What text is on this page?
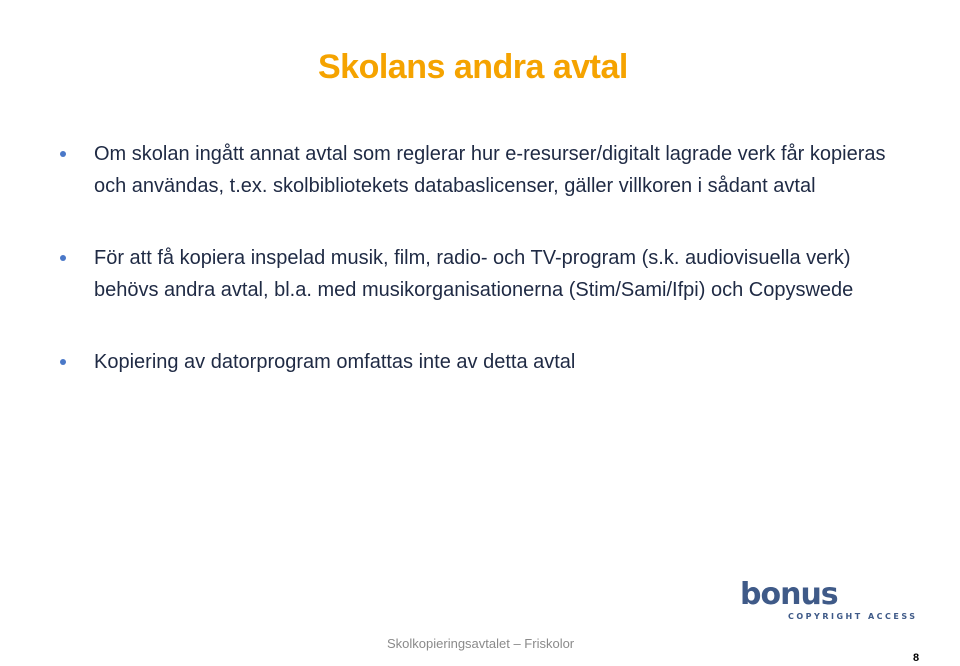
Skolans andra avtal
Om skolan ingått annat avtal som reglerar hur e-resurser/digitalt lagrade verk får kopieras och användas, t.ex. skolbibliotekets databaslicenser, gäller villkoren i sådant avtal
För att få kopiera inspelad musik, film, radio- och TV-program (s.k. audiovisuella verk) behövs andra avtal, bl.a. med musikorganisationerna (Stim/Sami/Ifpi) och Copyswede
Kopiering av datorprogram omfattas inte av detta avtal
bonus
COPYRIGHT ACCESS
Skolkopieringsavtalet – Friskolor
8
